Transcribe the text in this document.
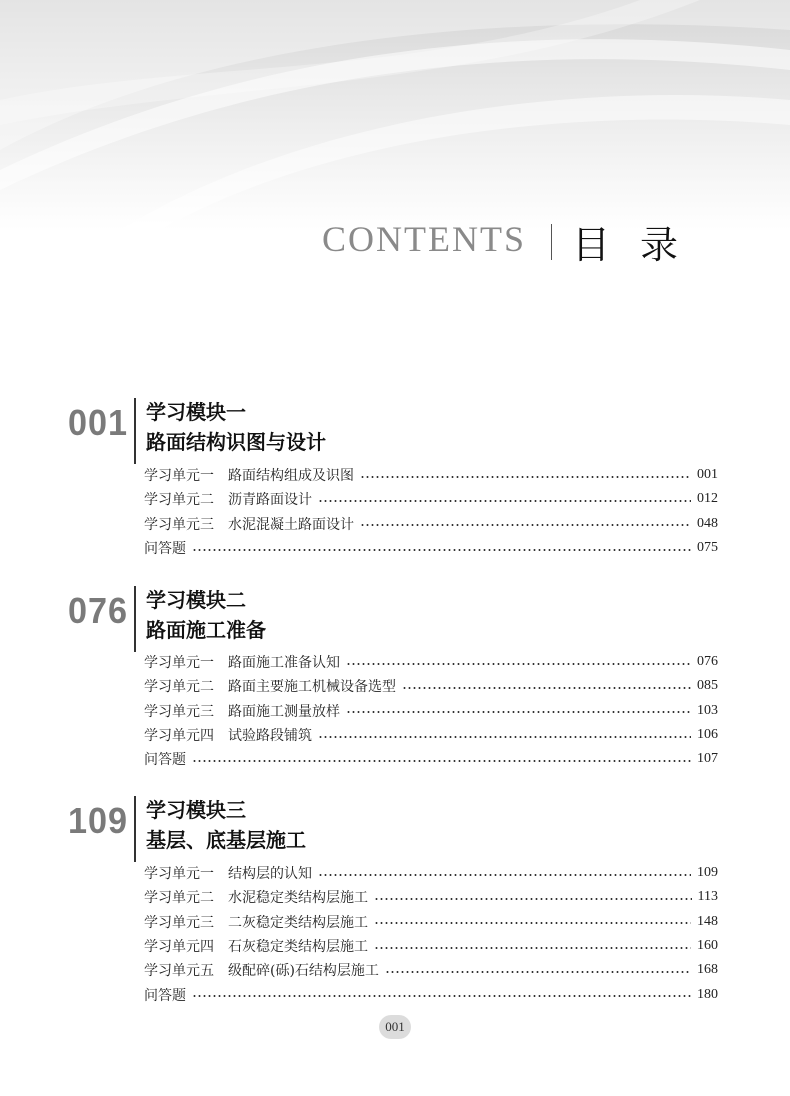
CONTENTS 目录
001 学习模块一
路面结构识图与设计
学习单元一 路面结构组成及识图	001
学习单元二 沥青路面设计	012
学习单元三 水泥混凝土路面设计	048
问答题	075
076 学习模块二
路面施工准备
学习单元一 路面施工准备认知	076
学习单元二 路面主要施工机械设备选型	085
学习单元三 路面施工测量放样	103
学习单元四 试验路段铺筑	106
问答题	107
109 学习模块三
基层、底基层施工
学习单元一 结构层的认知	109
学习单元二 水泥稳定类结构层施工	113
学习单元三 二灰稳定类结构层施工	148
学习单元四 石灰稳定类结构层施工	160
学习单元五 级配碎(砾)石结构层施工	168
问答题	180
001
